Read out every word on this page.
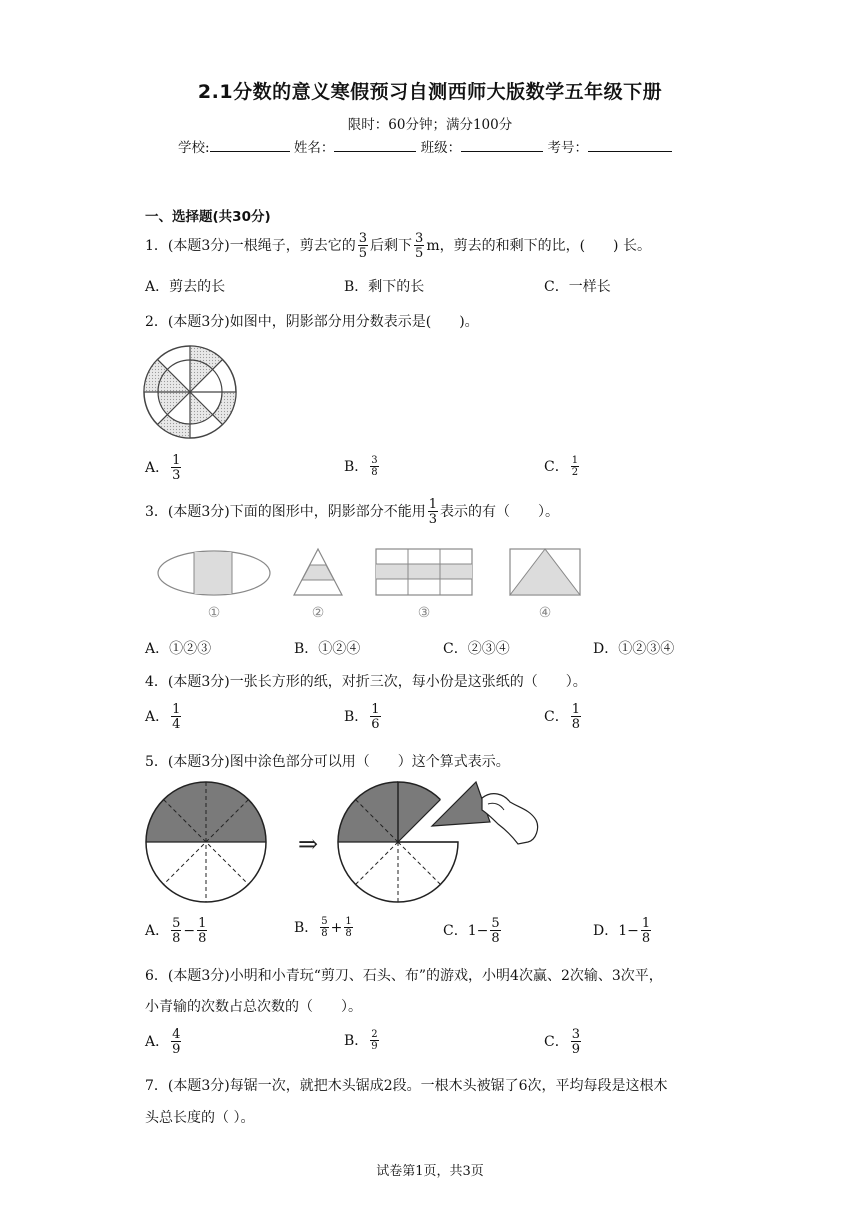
2.1分数的意义寒假预习自测西师大版数学五年级下册
限时：60分钟；满分100分
学校:	姓名：	班级：	考号：
一、选择题(共30分)
1．(本题3分)一根绳子，剪去它的 $\frac{3}{5}$ 后剩下 $\frac{3}{5}$ m，剪去的和剩下的比，(　　) 长。
A．剪去的长	B．剩下的长	C．一样长
2．(本题3分)如图中，阴影部分用分数表示是(　　)。
A． $\frac{1}{3}$	B． $\frac{3}{8}$	C． $\frac{1}{2}$
3．(本题3分)下面的图形中，阴影部分不能用 $\frac{1}{3}$ 表示的有（　　）。
①	②	③	④
A．①②③	B．①②④	C．②③④	D．①②③④
4．(本题3分)一张长方形的纸，对折三次，每小份是这张纸的（　　）。
A． $\frac{1}{4}$	B． $\frac{1}{6}$	C． $\frac{1}{8}$
5．(本题3分)图中涂色部分可以用（　　）这个算式表示。
⇒
A． $\frac{5}{8} - \frac{1}{8}$	B． $\frac{5}{8} + \frac{1}{8}$	C．$1- \frac{5}{8}$	D．$1- \frac{1}{8}$
6．(本题3分)小明和小青玩“剪刀、石头、布”的游戏，小明4次赢、2次输、3次平，
小青输的次数占总次数的（　　）。
A． $\frac{4}{9}$	B． $\frac{2}{9}$	C． $\frac{3}{9}$
7．(本题3分)每锯一次，就把木头锯成2段。一根木头被锯了6次，平均每段是这根木
头总长度的（ ）。
试卷第1页，共3页
